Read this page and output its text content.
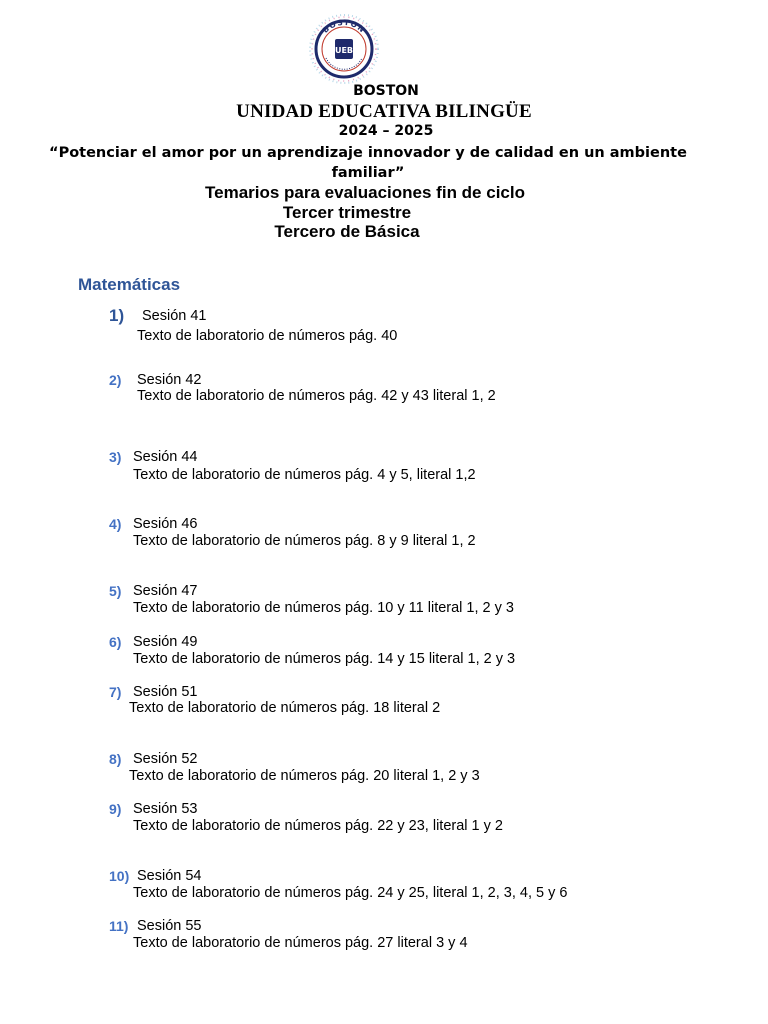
BOSTON
UEB
BOSTON
UNIDAD EDUCATIVA BILINGÜE
2024 – 2025
“Potenciar el amor por un aprendizaje innovador y de calidad en un ambiente
familiar”
Temarios para evaluaciones fin de ciclo
Tercer trimestre
Tercero de Básica
Matemáticas
1) Sesión 41
Texto de laboratorio de números pág. 40
2) Sesión 42
Texto de laboratorio de números pág. 42 y 43 literal 1, 2
3) Sesión 44
Texto de laboratorio de números pág. 4 y 5, literal 1,2
4) Sesión 46
Texto de laboratorio de números pág. 8 y 9 literal 1, 2
5) Sesión 47
Texto de laboratorio de números pág. 10 y 11 literal 1, 2 y 3
6) Sesión 49
Texto de laboratorio de números pág. 14 y 15 literal 1, 2 y 3
7) Sesión 51
Texto de laboratorio de números pág. 18 literal 2
8) Sesión 52
Texto de laboratorio de números pág. 20 literal 1, 2 y 3
9) Sesión 53
Texto de laboratorio de números pág. 22 y 23, literal 1 y 2
10) Sesión 54
Texto de laboratorio de números pág. 24 y 25, literal 1, 2, 3, 4, 5 y 6
11) Sesión 55
Texto de laboratorio de números pág. 27 literal 3 y 4
